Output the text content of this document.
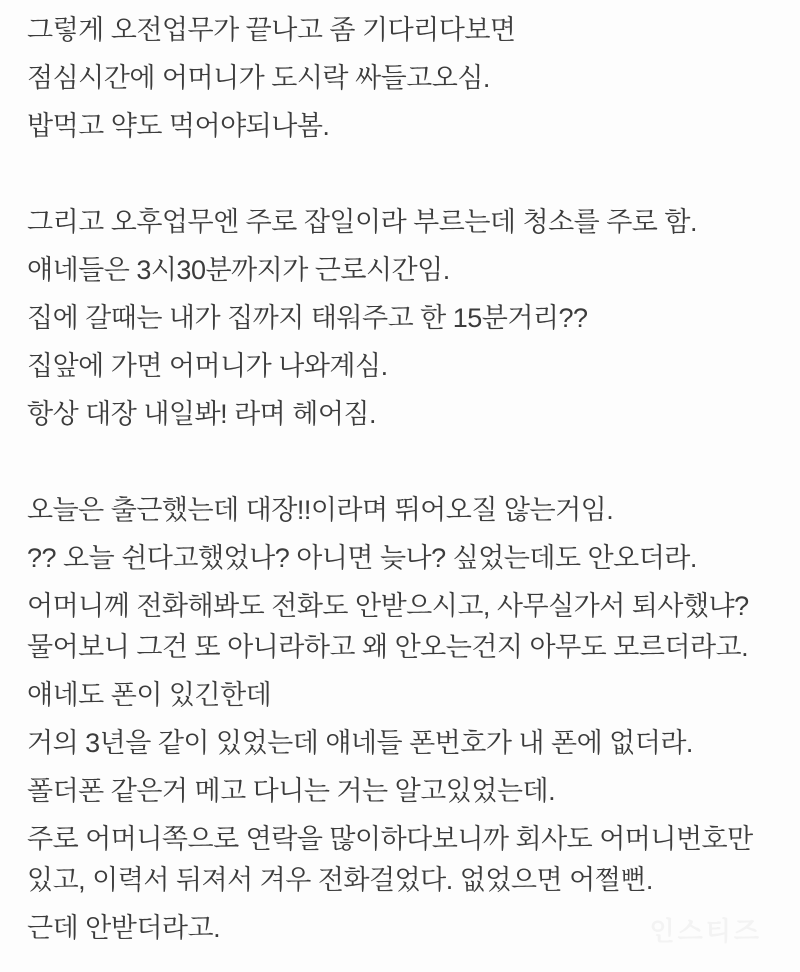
그렇게 오전업무가 끝나고 좀 기다리다보면

점심시간에 어머니가 도시락 싸들고오심.

밥먹고 약도 먹어야되나봄.

그리고 오후업무엔 주로 잡일이라 부르는데 청소를 주로 함.

얘네들은 3시30분까지가 근로시간임.

집에 갈때는 내가 집까지 태워주고 한 15분거리??

집앞에 가면 어머니가 나와계심.

항상 대장 내일봐! 라며 헤어짐.

오늘은 출근했는데 대장!!이라며 뛰어오질 않는거임.

?? 오늘 쉰다고했었나? 아니면 늦나? 싶었는데도 안오더라.

어머니께 전화해봐도 전화도 안받으시고, 사무실가서 퇴사했냐? 물어보니 그건 또 아니라하고 왜 안오는건지 아무도 모르더라고.

얘네도 폰이 있긴한데

거의 3년을 같이 있었는데 얘네들 폰번호가 내 폰에 없더라.

폴더폰 같은거 메고 다니는 거는 알고있었는데.

주로 어머니쪽으로 연락을 많이하다보니까 회사도 어머니번호만 있고, 이력서 뒤져서 겨우 전화걸었다. 없었으면 어쩔뻔.

근데 안받더라고.	인스티즈
